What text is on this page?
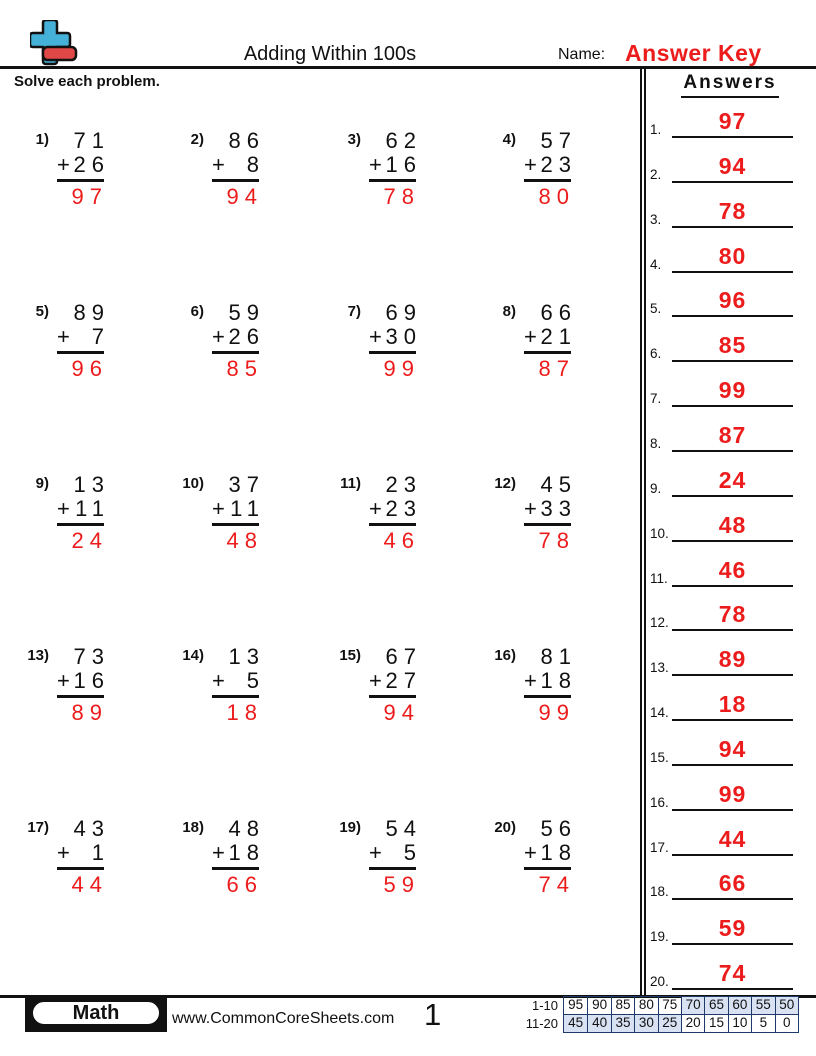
Adding Within 100s	Name: Answer Key
Solve each problem.
1)	71
+ 26
97
2)	86
+ 8
94
3)	62
+ 16
78
4)	57
+ 23
80
5)	89
+ 7
96
6)	59
+ 26
85
7)	69
+ 30
99
8)	66
+ 21
87
9)	13
+ 11
24
10)	37
+ 11
48
11)	23
+ 23
46
12)	45
+ 33
78
13)	73
+ 16
89
14)	13
+ 5
18
15)	67
+ 27
94
16)	81
+ 18
99
17)	43
+ 1
44
18)	48
+ 18
66
19)	54
+ 5
59
20)	56
+ 18
74
Answers
1.	97
2.	94
3.	78
4.	80
5.	96
6.	85
7.	99
8.	87
9.	24
10.	48
11.	46
12.	78
13.	89
14.	18
15.	94
16.	99
17.	44
18.	66
19.	59
20.	74
Math	www.CommonCoreSheets.com 1	1-10 95 90 85 80 75 70 65 60 55 50
11-20 45 40 35 30 25 20 15 10 5	0
